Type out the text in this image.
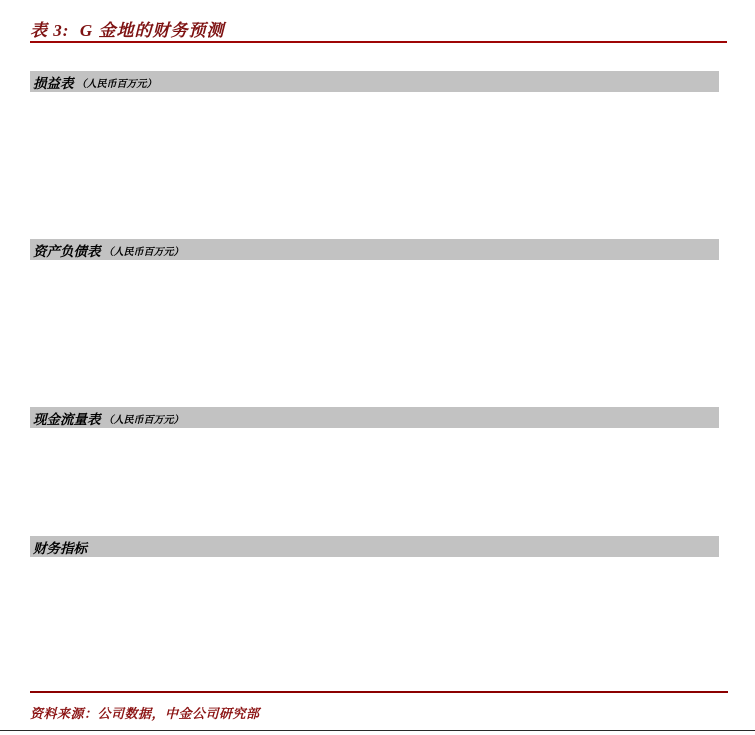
表 3:  G 金地的财务预测
损益表 （人民币百万元）
资产负债表 （人民币百万元）
现金流量表 （人民币百万元）
财务指标
资料来源：公司数据，中金公司研究部
